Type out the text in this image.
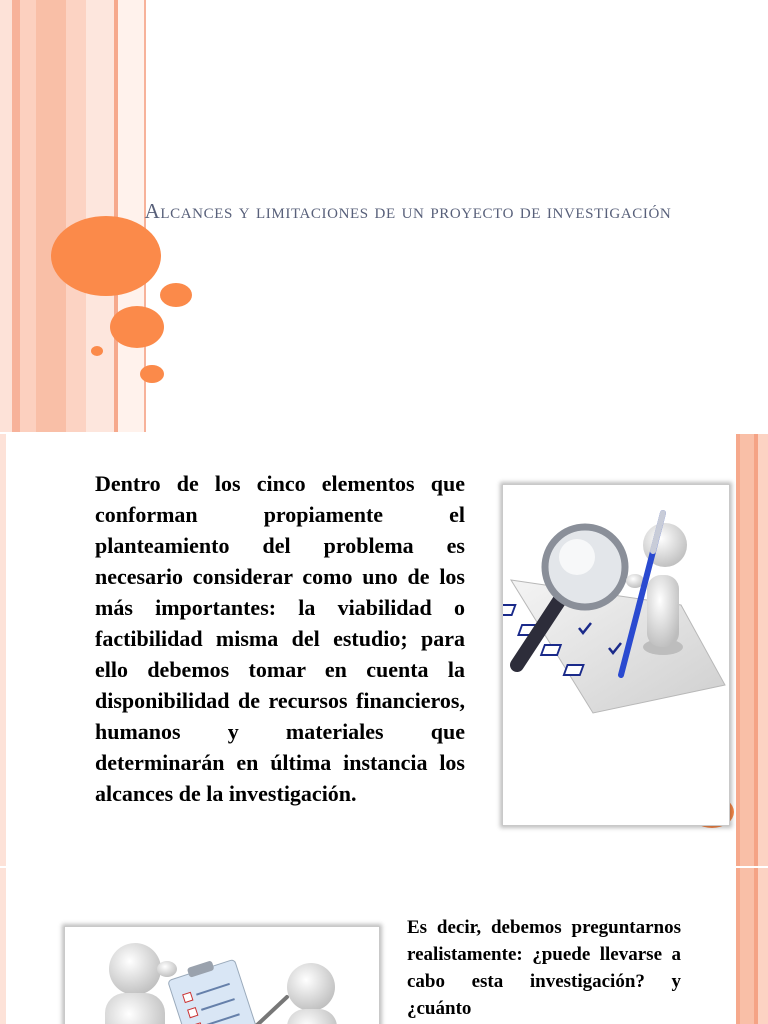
Alcances y limitaciones de un proyecto de investigación
Dentro de los cinco elementos que conforman propiamente el planteamiento del problema es necesario considerar como uno de los más importantes: la viabilidad o factibilidad misma del estudio; para ello debemos tomar en cuenta la disponibilidad de recursos financieros, humanos y materiales que determinarán en última instancia los alcances de la investigación.
Es decir, debemos preguntarnos realistamente: ¿puede llevarse a cabo esta investigación? y ¿cuánto
